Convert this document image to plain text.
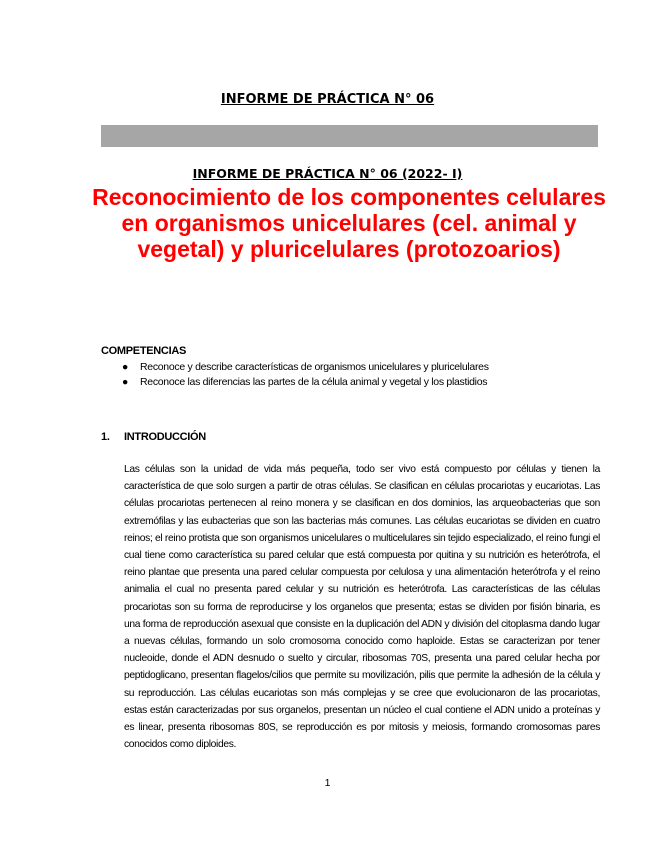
INFORME DE PRÁCTICA N° 06
INFORME DE PRÁCTICA N° 06 (2022- I)
Reconocimiento de los componentes celulares en organismos unicelulares (cel. animal y vegetal) y pluricelulares (protozoarios)
COMPETENCIAS
● Reconoce y describe características de organismos unicelulares y pluricelulares
● Reconoce las diferencias las partes de la célula animal y vegetal y los plastidios
1. INTRODUCCIÓN

Las células son la unidad de vida más pequeña, todo ser vivo está compuesto por células y tienen la característica de que solo surgen a partir de otras células. Se clasifican en células procariotas y eucariotas. Las células procariotas pertenecen al reino monera y se clasifican en dos dominios, las arqueobacterias que son extremófilas y las eubacterias que son las bacterias más comunes. Las células eucariotas se dividen en cuatro reinos; el reino protista que son organismos unicelulares o multicelulares sin tejido especializado, el reino fungi el cual tiene como característica su pared celular que está compuesta por quitina y su nutrición es heterótrofa, el reino plantae que presenta una pared celular compuesta por celulosa y una alimentación heterótrofa y el reino animalia el cual no presenta pared celular y su nutrición es heterótrofa. Las características de las células procariotas son su forma de reproducirse y los organelos que presenta; estas se dividen por fisión binaria, es una forma de reproducción asexual que consiste en la duplicación del ADN y división del citoplasma dando lugar a nuevas células, formando un solo cromosoma conocido como haploide. Estas se caracterizan por tener nucleoide, donde el ADN desnudo o suelto y circular, ribosomas 70S, presenta una pared celular hecha por peptidoglicano, presentan flagelos/cilios que permite su movilización, pilis que permite la adhesión de la célula y su reproducción. Las células eucariotas son más complejas y se cree que evolucionaron de las procariotas, estas están caracterizadas por sus organelos, presentan un núcleo el cual contiene el ADN unido a proteínas y es linear, presenta ribosomas 80S, se reproducción es por mitosis y meiosis, formando cromosomas pares conocidos como diploides.

1
